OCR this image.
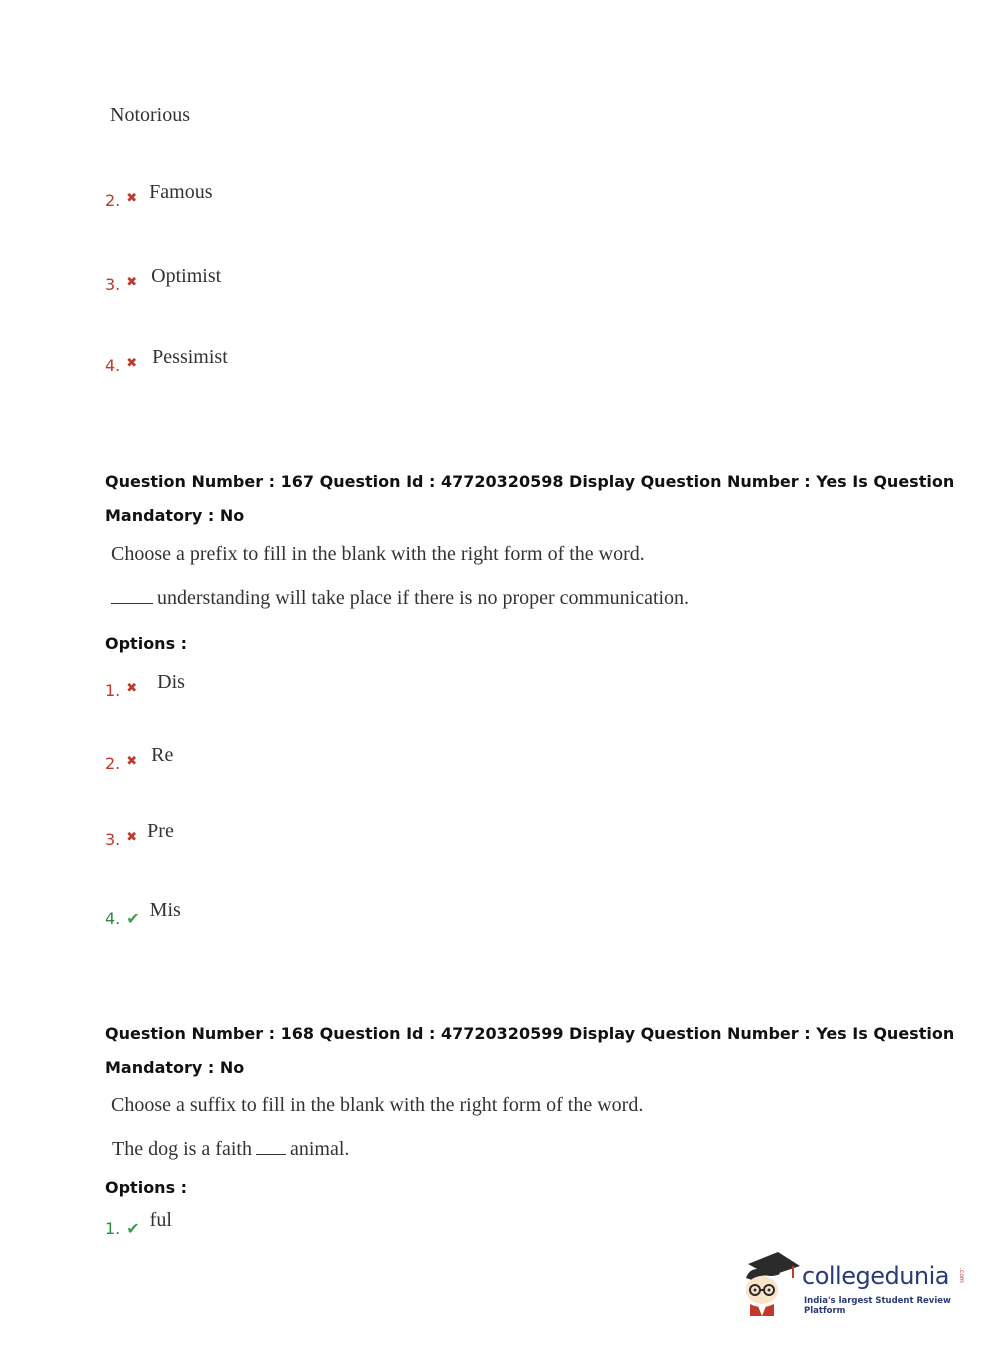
Notorious
2. ✖ Famous
3. ✖ Optimist
4. ✖ Pessimist
Question Number : 167 Question Id : 47720320598 Display Question Number : Yes Is Question
Mandatory : No
Choose a prefix to fill in the blank with the right form of the word.
understanding will take place if there is no proper communication.
Options :
1. ✖ Dis
2. ✖ Re
3. ✖ Pre
4. ✔ Mis
Question Number : 168 Question Id : 47720320599 Display Question Number : Yes Is Question
Mandatory : No
Choose a suffix to fill in the blank with the right form of the word.
The dog is a faith animal.
Options :
1. ✔ ful
collegedunia .com
India's largest Student Review Platform
